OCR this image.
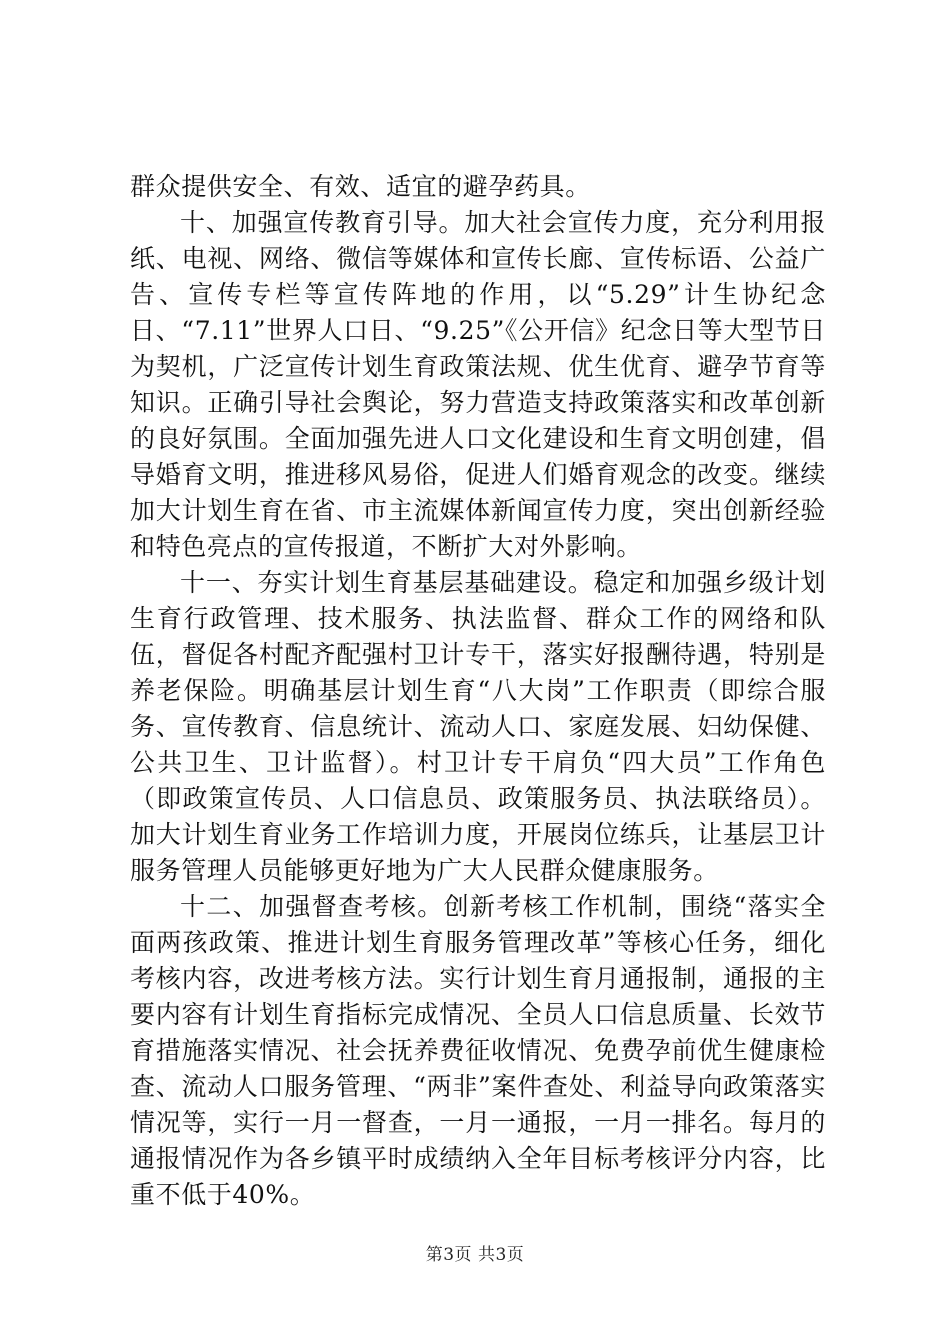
群众提供安全、有效、适宜的避孕药具。

十、加强宣传教育引导。加大社会宣传力度，充分利用报纸、电视、网络、微信等媒体和宣传长廊、宣传标语、公益广告、宣传专栏等宣传阵地的作用，以“5.29”计生协纪念日、“7.11”世界人口日、“9.25”《公开信》纪念日等大型节日为契机，广泛宣传计划生育政策法规、优生优育、避孕节育等知识。正确引导社会舆论，努力营造支持政策落实和改革创新的良好氛围。全面加强先进人口文化建设和生育文明创建，倡导婚育文明，推进移风易俗，促进人们婚育观念的改变。继续加大计划生育在省、市主流媒体新闻宣传力度，突出创新经验和特色亮点的宣传报道，不断扩大对外影响。

十一、夯实计划生育基层基础建设。稳定和加强乡级计划生育行政管理、技术服务、执法监督、群众工作的网络和队伍，督促各村配齐配强村卫计专干，落实好报酬待遇，特别是养老保险。明确基层计划生育“八大岗”工作职责（即综合服务、宣传教育、信息统计、流动人口、家庭发展、妇幼保健、公共卫生、卫计监督）。村卫计专干肩负“四大员”工作角色（即政策宣传员、人口信息员、政策服务员、执法联络员）。加大计划生育业务工作培训力度，开展岗位练兵，让基层卫计服务管理人员能够更好地为广大人民群众健康服务。

十二、加强督查考核。创新考核工作机制，围绕“落实全面两孩政策、推进计划生育服务管理改革”等核心任务，细化考核内容，改进考核方法。实行计划生育月通报制，通报的主要内容有计划生育指标完成情况、全员人口信息质量、长效节育措施落实情况、社会抚养费征收情况、免费孕前优生健康检查、流动人口服务管理、“两非”案件查处、利益导向政策落实情况等，实行一月一督查，一月一通报，一月一排名。每月的通报情况作为各乡镇平时成绩纳入全年目标考核评分内容，比重不低于40%。

第3页 共3页
